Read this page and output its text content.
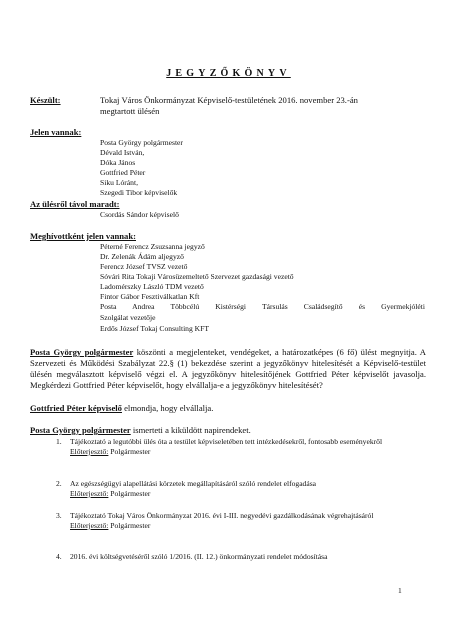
JEGYZŐKÖNYV
Készült:	Tokaj Város Önkormányzat Képviselő-testületének 2016. november 23.-án
megtartott ülésén
Jelen vannak:
Posta György polgármester
Dévald István,
Dóka János
Gottfried Péter
Siku Lóránt,
Szegedi Tibor képviselők
Az ülésről távol maradt:
Csordás Sándor képviselő
Meghívottként jelen vannak:
Péterné Ferencz Zsuzsanna jegyző
Dr. Zelenák Ádám aljegyző
Ferencz József TVSZ vezető
Sóvári Rita Tokaji Városüzemeltető Szervezet gazdasági vezető
Ladomérszky László TDM vezető
Fintor Gábor Fesztiválkatlan Kft
Posta Andrea Többcélú Kistérségi Társulás Családsegítő és Gyermekjóléti
Szolgálat vezetője
Erdős József Tokaj Consulting KFT
Posta György polgármester köszönti a megjelenteket, vendégeket, a határozatképes (6 fő) ülést megnyitja. A Szervezeti és Működési Szabályzat 22.§ (1) bekezdése szerint a jegyzőkönyv hitelesítését a Képviselő-testület ülésén megválasztott képviselő végzi el. A jegyzőkönyv hitelesítőjének Gottfried Péter képviselőt javasolja. Megkérdezi Gottfried Péter képviselőt, hogy elvállalja-e a jegyzőkönyv hitelesítését?
Gottfried Péter képviselő elmondja, hogy elvállalja.
Posta György polgármester ismerteti a kiküldött napirendeket.
1. Tájékoztató a legutóbbi ülés óta a testület képviseletében tett intézkedésekről, fontosabb eseményekről
Előterjesztő: Polgármester
2. Az egészségügyi alapellátási körzetek megállapításáról szóló rendelet elfogadása
Előterjesztő: Polgármester
3. Tájékoztató Tokaj Város Önkormányzat 2016. évi I-III. negyedévi gazdálkodásának végrehajtásáról
Előterjesztő: Polgármester
4. 2016. évi költségvetéséről szóló 1/2016. (II. 12.) önkormányzati rendelet módosítása
1
